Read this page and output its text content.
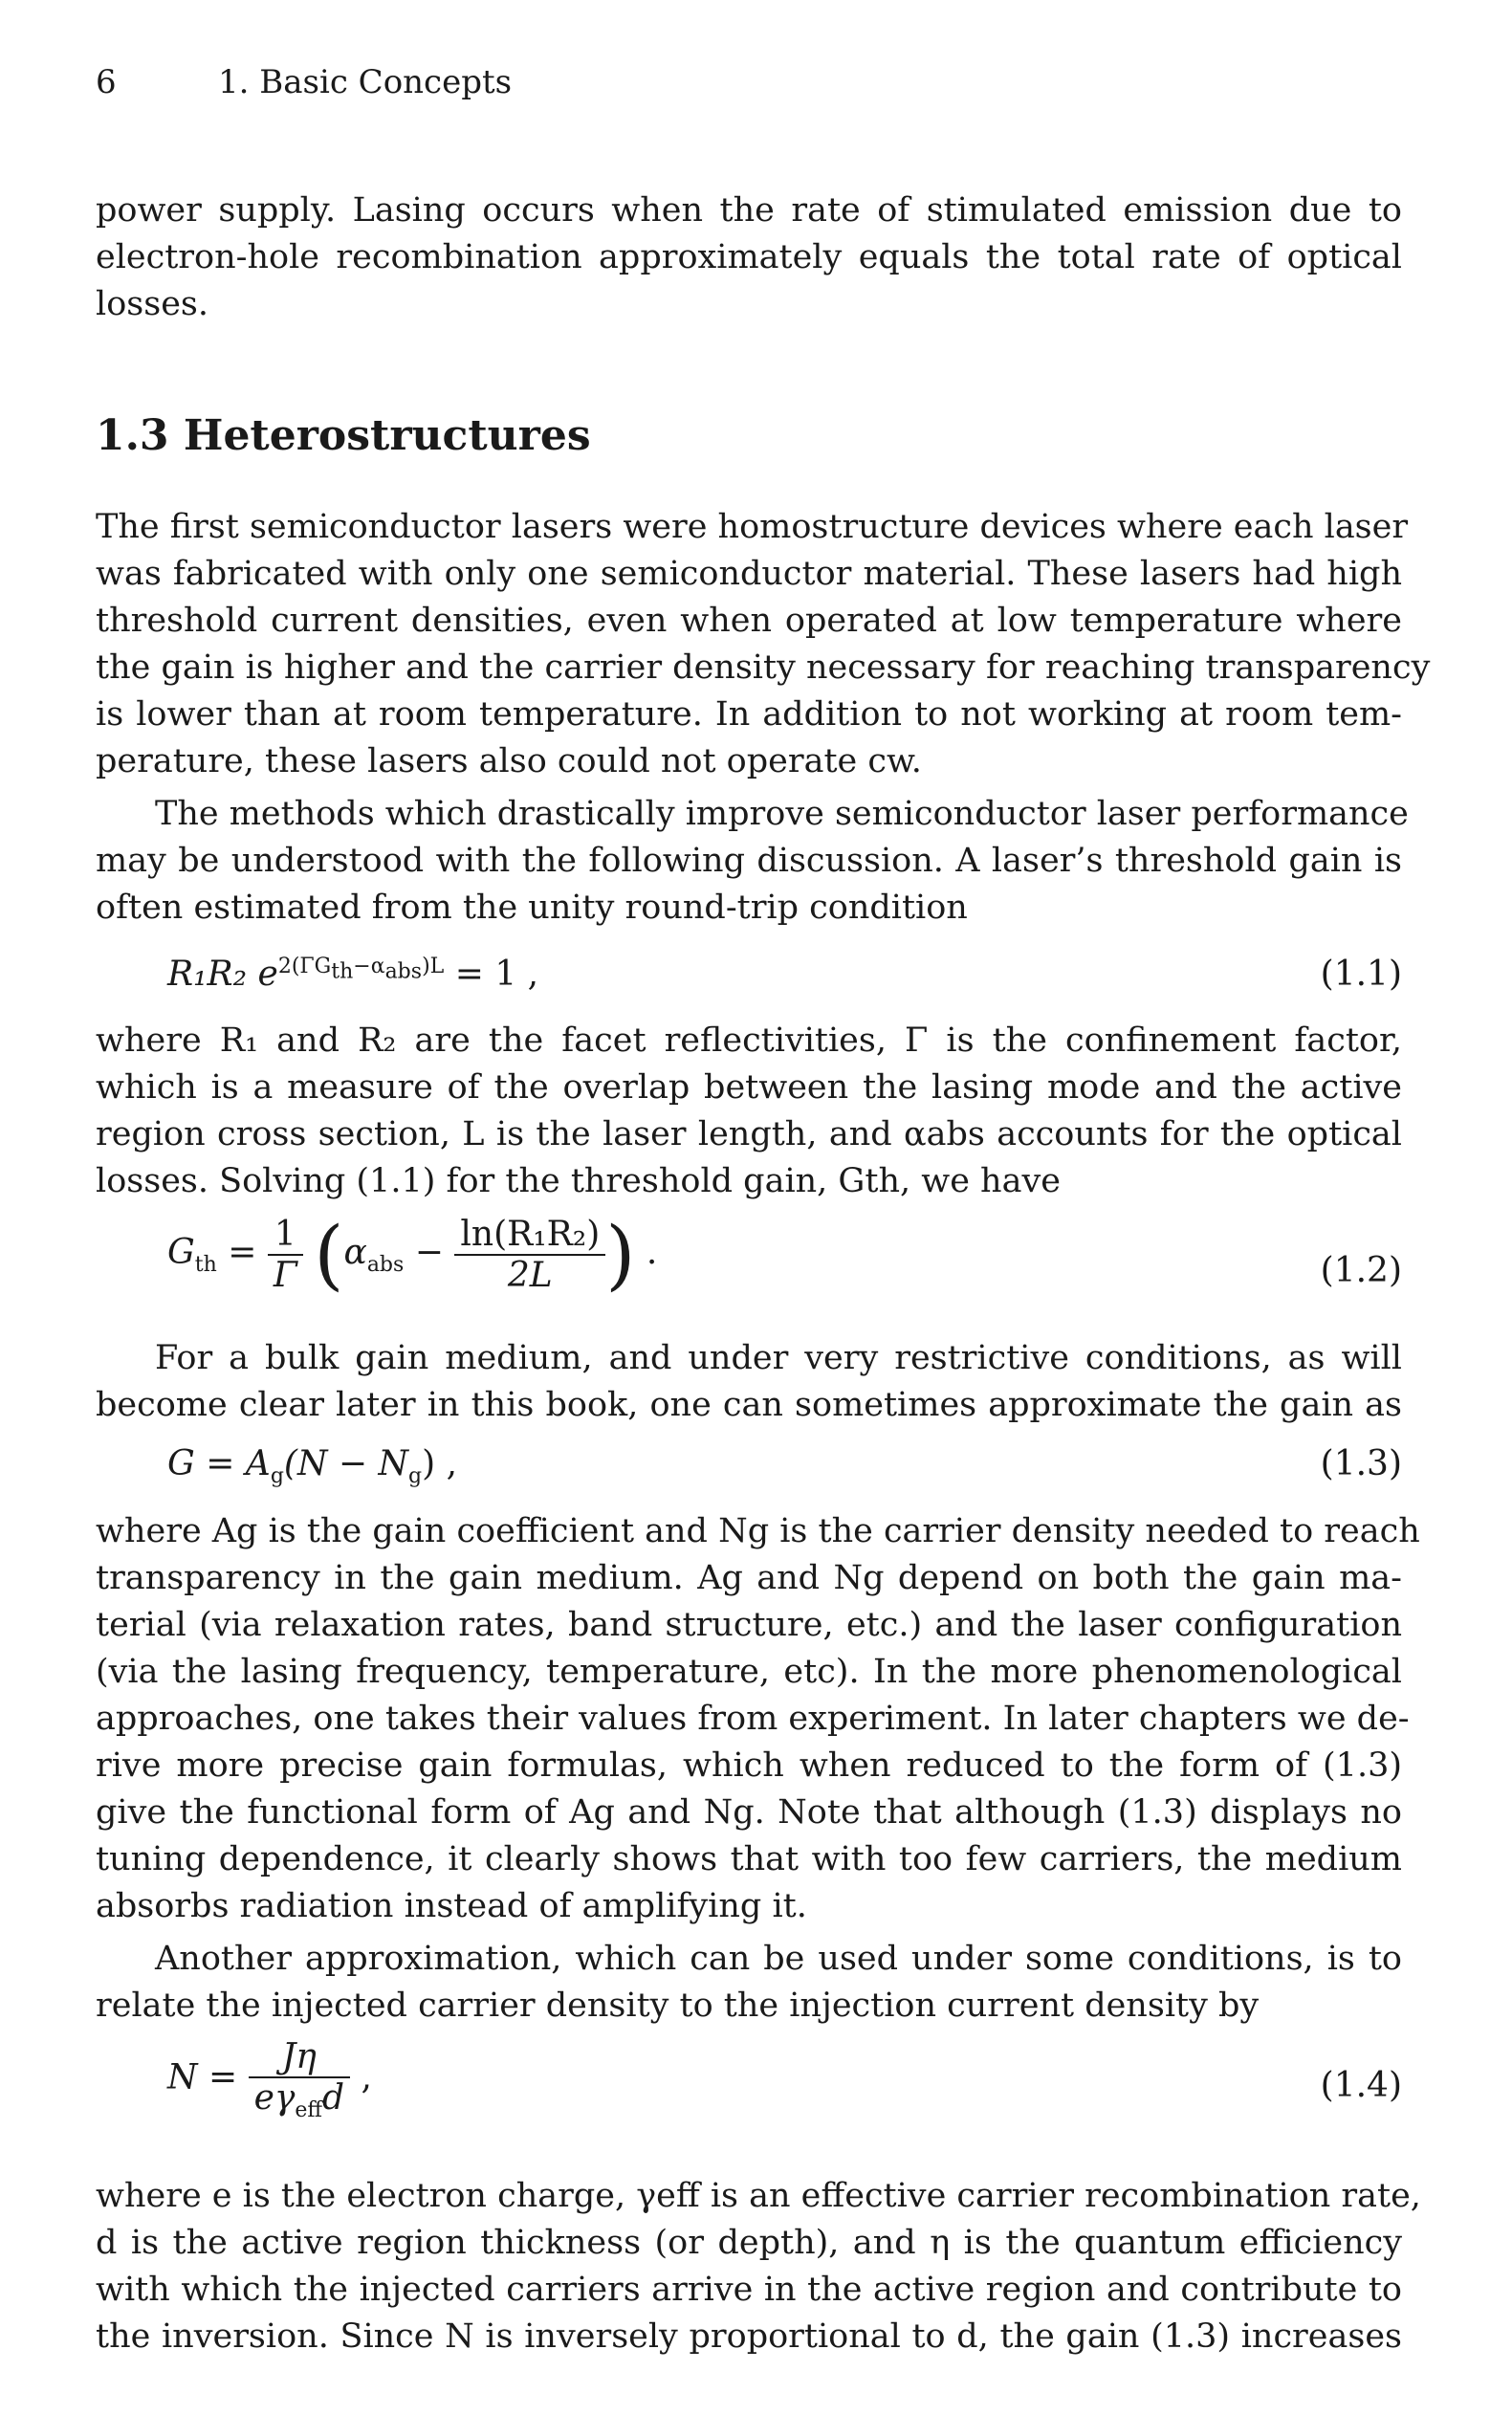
6	1. Basic Concepts
power supply. Lasing occurs when the rate of stimulated emission due to
electron-hole recombination approximately equals the total rate of optical
losses.
1.3 Heterostructures
The first semiconductor lasers were homostructure devices where each laser
was fabricated with only one semiconductor material. These lasers had high
threshold current densities, even when operated at low temperature where
the gain is higher and the carrier density necessary for reaching transparency
is lower than at room temperature. In addition to not working at room tem-
perature, these lasers also could not operate cw.
The methods which drastically improve semiconductor laser performance
may be understood with the following discussion. A laser’s threshold gain is
often estimated from the unity round-trip condition
R₁R₂ $e^{2(\Gamma G_{th}-\alpha_{abs})L} = 1$ ,	(1.1)
where R₁ and R₂ are the facet reflectivities, Γ is the confinement factor,
which is a measure of the overlap between the lasing mode and the active
region cross section, L is the laser length, and αabs accounts for the optical
losses. Solving (1.1) for the threshold gain, Gth, we have
$G_{th} = \frac{1}{\Gamma} (\alpha_{abs} - \frac{\text{ln(R₁R₂)}}{2L}$ ) .	(1.2)
For a bulk gain medium, and under very restrictive conditions, as will
become clear later in this book, one can sometimes approximate the gain as
$G = A_g(N - N_g)$ ,	(1.3)
where Ag is the gain coefficient and Ng is the carrier density needed to reach
transparency in the gain medium. Ag and Ng depend on both the gain ma-
terial (via relaxation rates, band structure, etc.) and the laser configuration
(via the lasing frequency, temperature, etc). In the more phenomenological
approaches, one takes their values from experiment. In later chapters we de-
rive more precise gain formulas, which when reduced to the form of (1.3)
give the functional form of Ag and Ng. Note that although (1.3) displays no
tuning dependence, it clearly shows that with too few carriers, the medium
absorbs radiation instead of amplifying it.
Another approximation, which can be used under some conditions, is to
relate the injected carrier density to the injection current density by
$N = \frac{J\eta}{e\gamma_{eff}d}$ ,	(1.4)
where e is the electron charge, γeff is an effective carrier recombination rate,
d is the active region thickness (or depth), and η is the quantum efficiency
with which the injected carriers arrive in the active region and contribute to
the inversion. Since N is inversely proportional to d, the gain (1.3) increases
